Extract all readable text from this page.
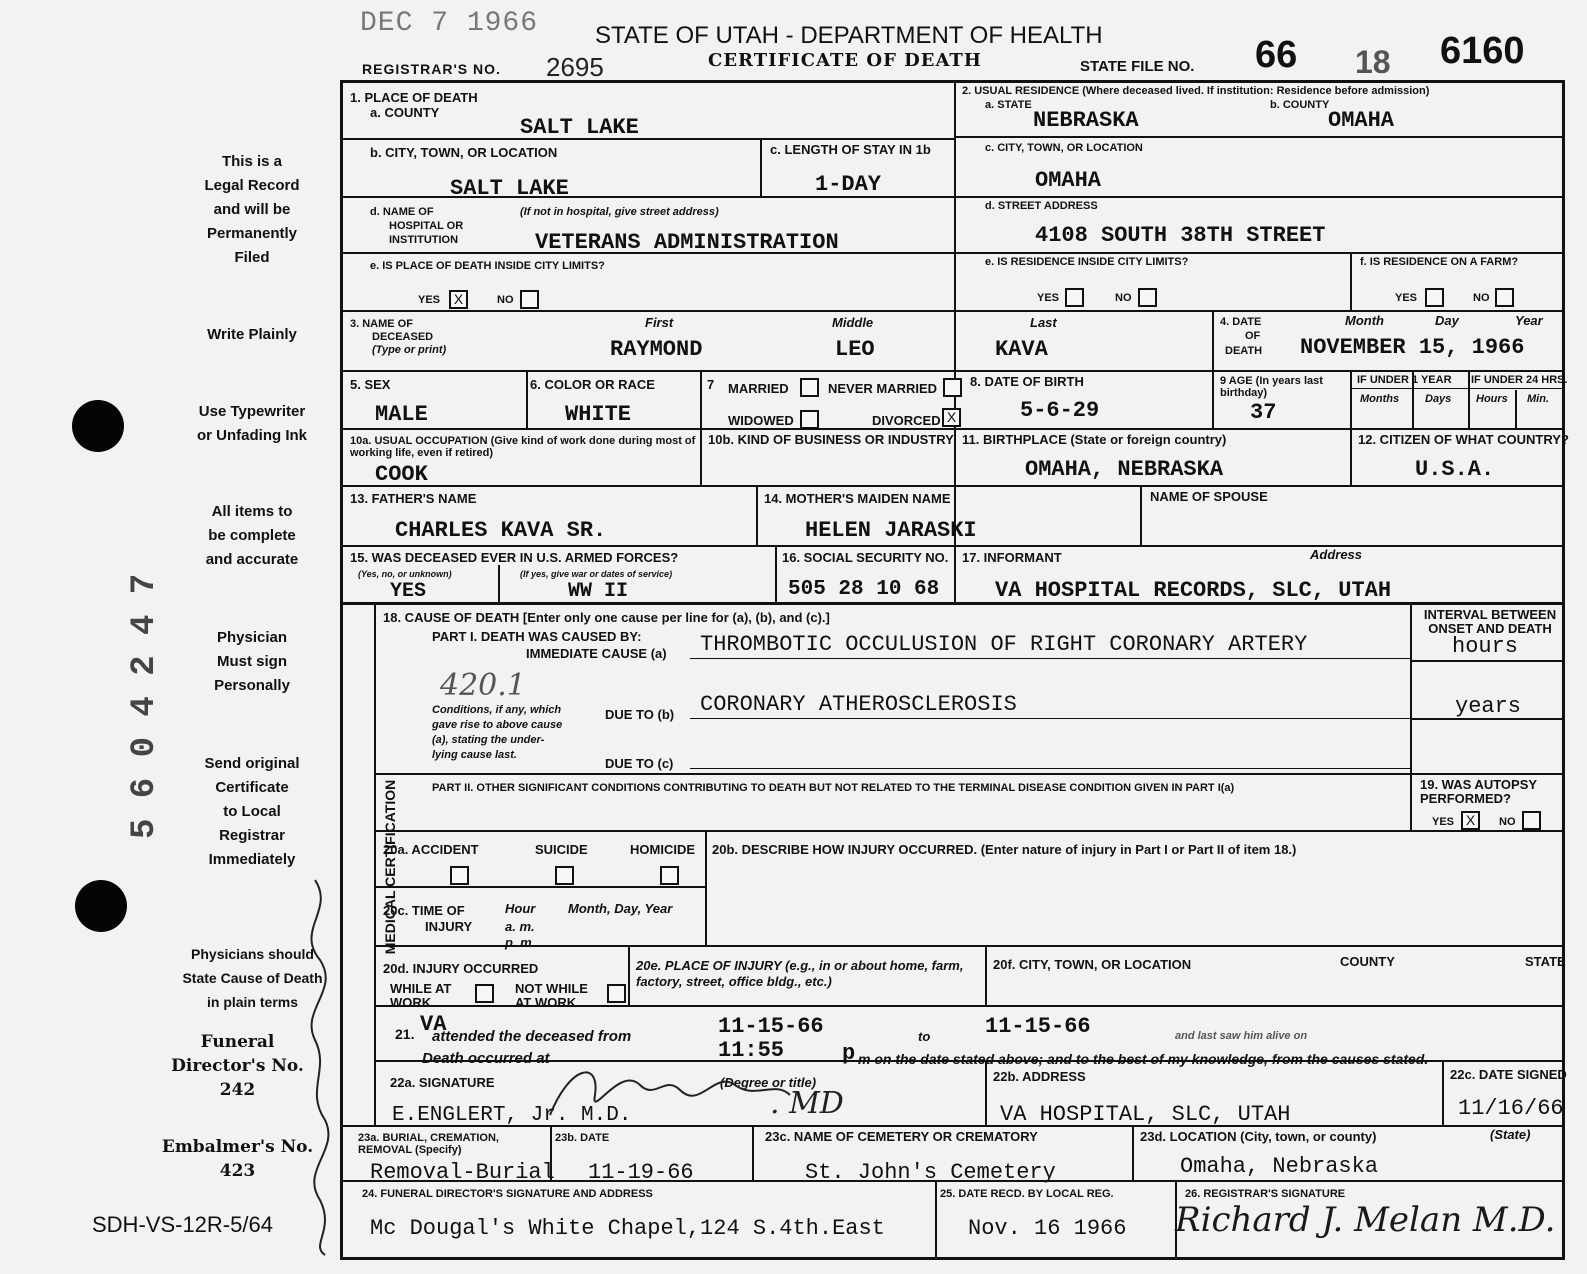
DEC 7 1966 STATE OF UTAH - DEPARTMENT OF HEALTH
REGISTRAR'S NO. 2695	CERTIFICATE OF DEATH	STATE FILE NO. 66 18 6160
This is a
Legal Record
and will be
Permanently
Filed
Write Plainly
Use Typewriter
or Unfading Ink
All items to
be complete
and accurate
Physician
Must sign
Personally
Send original
Certificate
to Local
Registrar
Immediately
Physicians should
State Cause of Death
in plain terms
Funeral
Director's No.
242
Embalmer's No.
423
SDH-VS-12R-5/64
5 6 0 4 2 4 7
1. PLACE OF DEATH
a. COUNTY
SALT LAKE
b. CITY, TOWN, OR LOCATION
SALT LAKE
c. LENGTH OF STAY IN 1b
1-DAY
d. NAME OF
HOSPITAL OR
INSTITUTION
(If not in hospital, give street address)
VETERANS ADMINISTRATION
e. IS PLACE OF DEATH INSIDE CITY LIMITS?
YES X	NO
2. USUAL RESIDENCE (Where deceased lived. If institution: Residence before admission)
a. STATE	b. COUNTY
NEBRASKA	OMAHA
c. CITY, TOWN, OR LOCATION
OMAHA
d. STREET ADDRESS
4108 SOUTH 38TH STREET
e. IS RESIDENCE INSIDE CITY LIMITS?
YES	NO
f. IS RESIDENCE ON A FARM?
YES	NO
3. NAME OF
DECEASED
(Type or print)
First	Middle	Last
RAYMOND	LEO	KAVA
4. DATE
OF
DEATH
Month	Day	Year
NOVEMBER 15, 1966
5. SEX
MALE
6. COLOR OR RACE
WHITE
7 MARRIED	NEVER MARRIED
WIDOWED	DIVORCED X
8. DATE OF BIRTH
5-6-29
9 AGE (In years last birthday)
37
IF UNDER 1 YEAR IF UNDER 24 HRS.
Months Days Hours Min.
10a. USUAL OCCUPATION (Give kind of work done during most of working life, even if retired)
COOK
10b. KIND OF BUSINESS OR INDUSTRY 11. BIRTHPLACE (State or foreign country)
OMAHA, NEBRASKA
12. CITIZEN OF WHAT COUNTRY?
U.S.A.
13. FATHER'S NAME
CHARLES KAVA SR.
14. MOTHER'S MAIDEN NAME
HELEN JARASKI
NAME OF SPOUSE
15. WAS DECEASED EVER IN U.S. ARMED FORCES?
(Yes, no, or unknown)	(If yes, give war or dates of service)
YES	WW II
16. SOCIAL SECURITY NO.
505 28 10 68
17. INFORMANT	Address
VA HOSPITAL RECORDS, SLC, UTAH
MEDICAL CERTIFICATION
18. CAUSE OF DEATH [Enter only one cause per line for (a), (b), and (c).]
PART I. DEATH WAS CAUSED BY:
IMMEDIATE CAUSE (a) THROMBOTIC OCCULUSION OF RIGHT CORONARY ARTERY
420.1
Conditions, if any, which gave rise to above cause (a), stating the under- lying cause last.
DUE TO (b) CORONARY ATHEROSCLEROSIS
DUE TO (c)
INTERVAL BETWEEN ONSET AND DEATH
hours
years
PART II. OTHER SIGNIFICANT CONDITIONS CONTRIBUTING TO DEATH BUT NOT RELATED TO THE TERMINAL DISEASE CONDITION GIVEN IN PART I(a)	19. WAS AUTOPSY PERFORMED?
YES X	NO
20a. ACCIDENT	SUICIDE	HOMICIDE 20b. DESCRIBE HOW INJURY OCCURRED. (Enter nature of injury in Part I or Part II of item 18.)
20c. TIME OF
INJURY
Hour
a. m.
p. m.
Month, Day, Year
20d. INJURY OCCURRED
WHILE AT
WORK
NOT WHILE
AT WORK
20e. PLACE OF INJURY (e.g., in or about home, farm, factory, street, office bldg., etc.)
20f. CITY, TOWN, OR LOCATION	COUNTY	STATE
21. VA
attended the deceased from	11-15-66	to 11-15-66	and last saw him alive on
Death occurred at	11:55	p m on the date stated above; and to the best of my knowledge, from the causes stated.
22a. SIGNATURE	(Degree or title)
E.ENGLERT, Jr. M.D.	. MD
22b. ADDRESS
VA HOSPITAL, SLC, UTAH
22c. DATE SIGNED
11/16/66
23a. BURIAL, CREMATION, REMOVAL (Specify)
Removal-Burial
23b. DATE
11-19-66
23c. NAME OF CEMETERY OR CREMATORY
St. John's Cemetery
23d. LOCATION (City, town, or county)	(State)
Omaha, Nebraska
24. FUNERAL DIRECTOR'S SIGNATURE AND ADDRESS
Mc Dougal's White Chapel,124 S.4th.East
25. DATE RECD. BY LOCAL REG.
Nov. 16 1966
26. REGISTRAR'S SIGNATURE
Richard J. Melan M.D.
